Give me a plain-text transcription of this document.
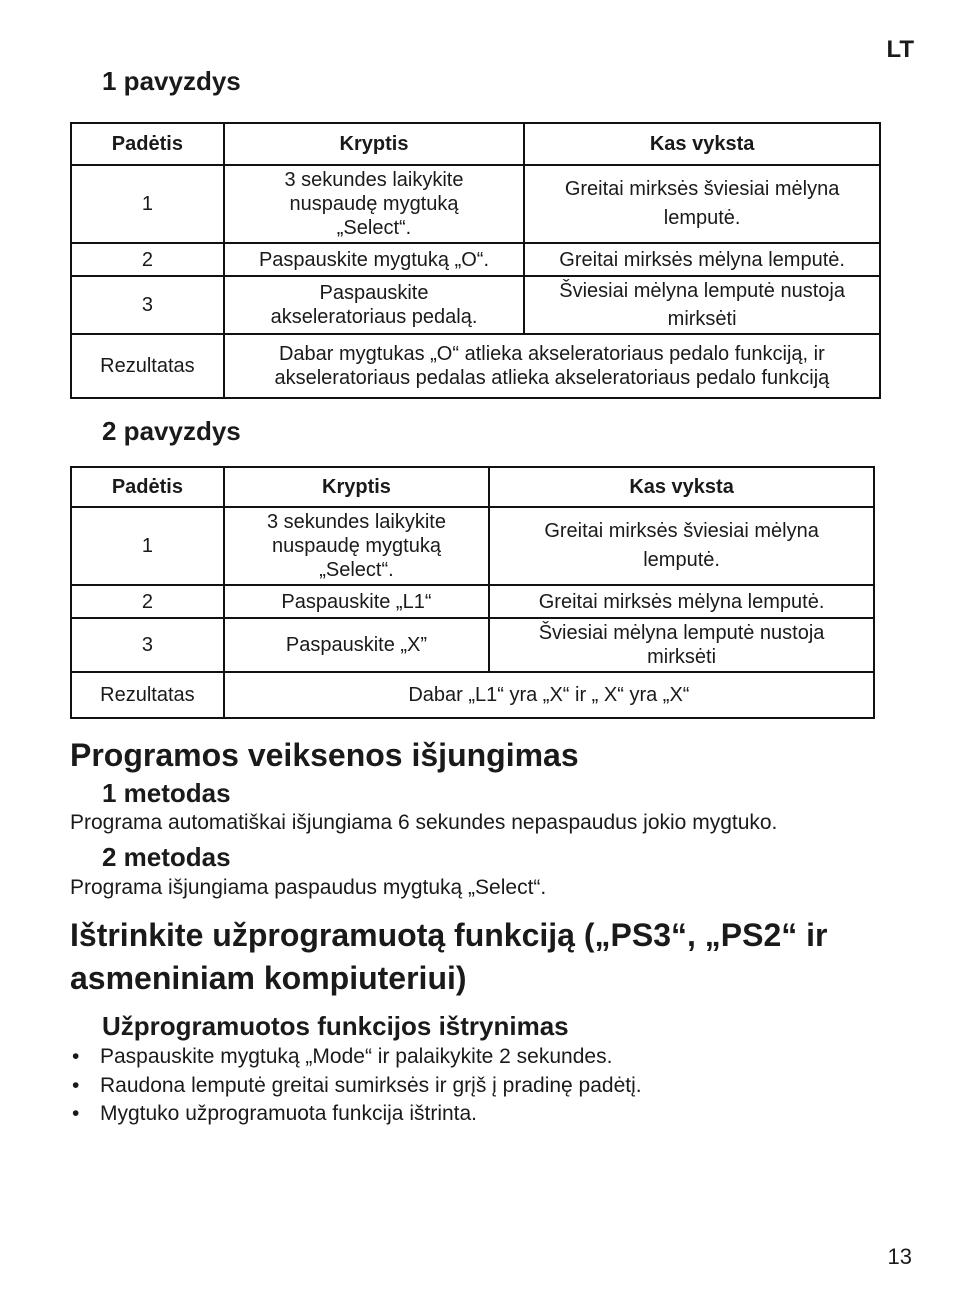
LT
1 pavyzdys
Padėtis	Kryptis	Kas vyksta
1	3 sekundes laikykite nuspaudę mygtuką „Select“.	Greitai mirksės šviesiai mėlyna lemputė.
2	Paspauskite mygtuką „O“.	Greitai mirksės mėlyna lemputė.
3	Paspauskite akseleratoriaus pedalą.	Šviesiai mėlyna lemputė nustoja mirksėti
Rezultatas	Dabar mygtukas „O“ atlieka akseleratoriaus pedalo funkciją, ir akseleratoriaus pedalas atlieka akseleratoriaus pedalo funkciją	
2 pavyzdys
Padėtis	Kryptis	Kas vyksta
1	3 sekundes laikykite nuspaudę mygtuką „Select“.	Greitai mirksės šviesiai mėlyna lemputė.
2	Paspauskite „L1“	Greitai mirksės mėlyna lemputė.
3	Paspauskite „X”	Šviesiai mėlyna lemputė nustoja mirksėti
Rezultatas	Dabar „L1“ yra „X“ ir „ X“ yra „X“	
Programos veiksenos išjungimas
1 metodas
Programa automatiškai išjungiama 6 sekundes nepaspaudus jokio mygtuko.
2 metodas
Programa išjungiama paspaudus mygtuką „Select“.
Ištrinkite užprogramuotą funkciją („PS3“, „PS2“ ir
asmeniniam kompiuteriui)
Užprogramuotos funkcijos ištrynimas
• Paspauskite mygtuką „Mode“ ir palaikykite 2 sekundes.
• Raudona lemputė greitai sumirksės ir grįš į pradinę padėtį.
• Mygtuko užprogramuota funkcija ištrinta.
13
